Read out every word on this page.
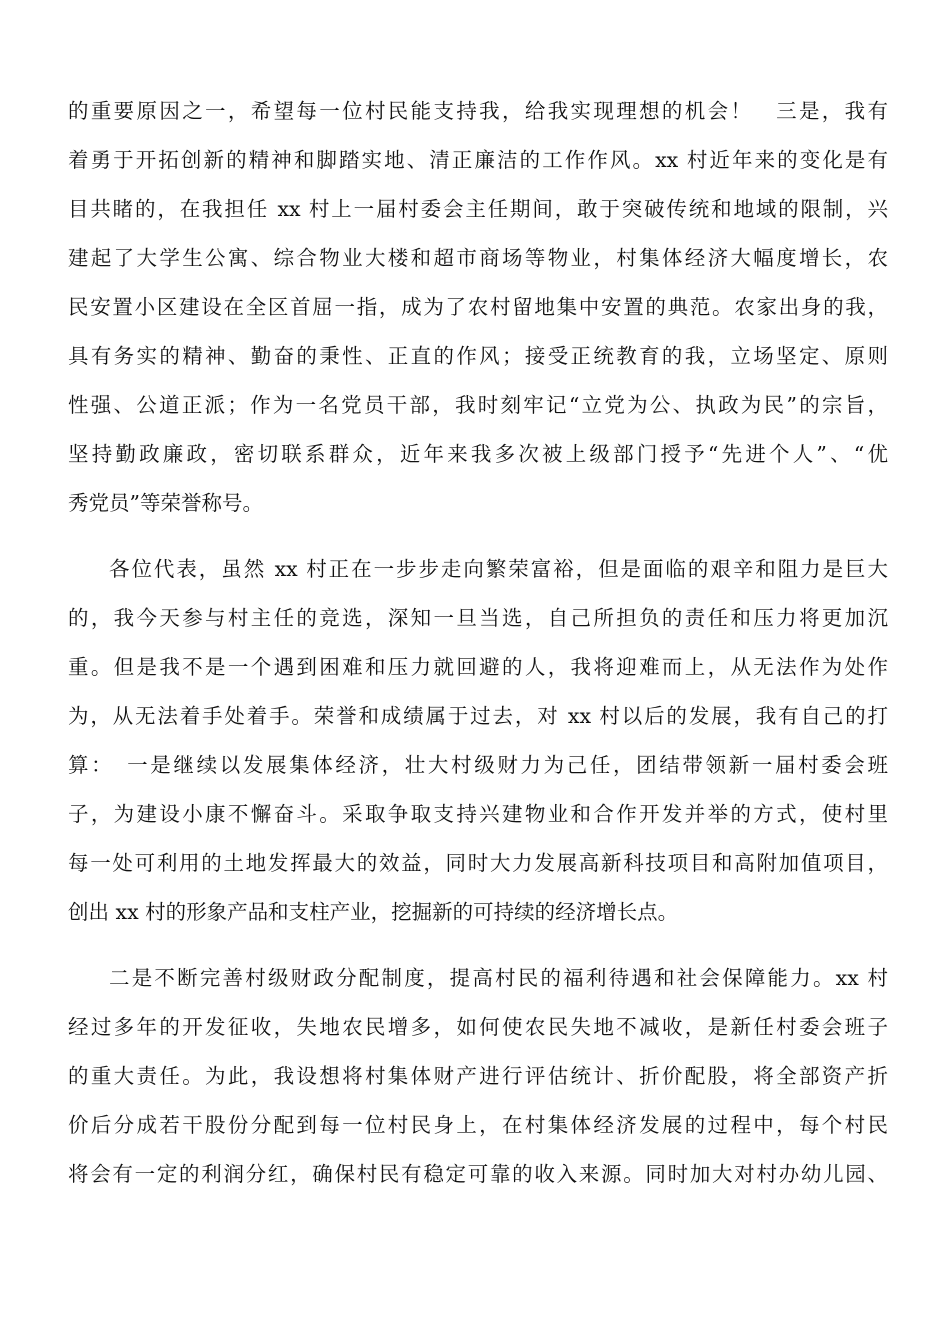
的重要原因之一，希望每一位村民能支持我，给我实现理想的机会！　三是，我有
着勇于开拓创新的精神和脚踏实地、清正廉洁的工作作风。xx 村近年来的变化是有
目共睹的，在我担任 xx 村上一届村委会主任期间，敢于突破传统和地域的限制，兴
建起了大学生公寓、综合物业大楼和超市商场等物业，村集体经济大幅度增长，农
民安置小区建设在全区首屈一指，成为了农村留地集中安置的典范。农家出身的我，
具有务实的精神、勤奋的秉性、正直的作风；接受正统教育的我，立场坚定、原则
性强、公道正派；作为一名党员干部，我时刻牢记“立党为公、执政为民”的宗旨，
坚持勤政廉政，密切联系群众，近年来我多次被上级部门授予“先进个人”、“优
秀党员”等荣誉称号。
各位代表，虽然 xx 村正在一步步走向繁荣富裕，但是面临的艰辛和阻力是巨大
的，我今天参与村主任的竞选，深知一旦当选，自己所担负的责任和压力将更加沉
重。但是我不是一个遇到困难和压力就回避的人，我将迎难而上，从无法作为处作
为，从无法着手处着手。荣誉和成绩属于过去，对 xx 村以后的发展，我有自己的打
算：　一是继续以发展集体经济，壮大村级财力为己任，团结带领新一届村委会班
子，为建设小康不懈奋斗。采取争取支持兴建物业和合作开发并举的方式，使村里
每一处可利用的土地发挥最大的效益，同时大力发展高新科技项目和高附加值项目，
创出 xx 村的形象产品和支柱产业，挖掘新的可持续的经济增长点。
二是不断完善村级财政分配制度，提高村民的福利待遇和社会保障能力。xx 村
经过多年的开发征收，失地农民增多，如何使农民失地不减收，是新任村委会班子
的重大责任。为此，我设想将村集体财产进行评估统计、折价配股，将全部资产折
价后分成若干股份分配到每一位村民身上，在村集体经济发展的过程中，每个村民
将会有一定的利润分红，确保村民有稳定可靠的收入来源。同时加大对村办幼儿园、
